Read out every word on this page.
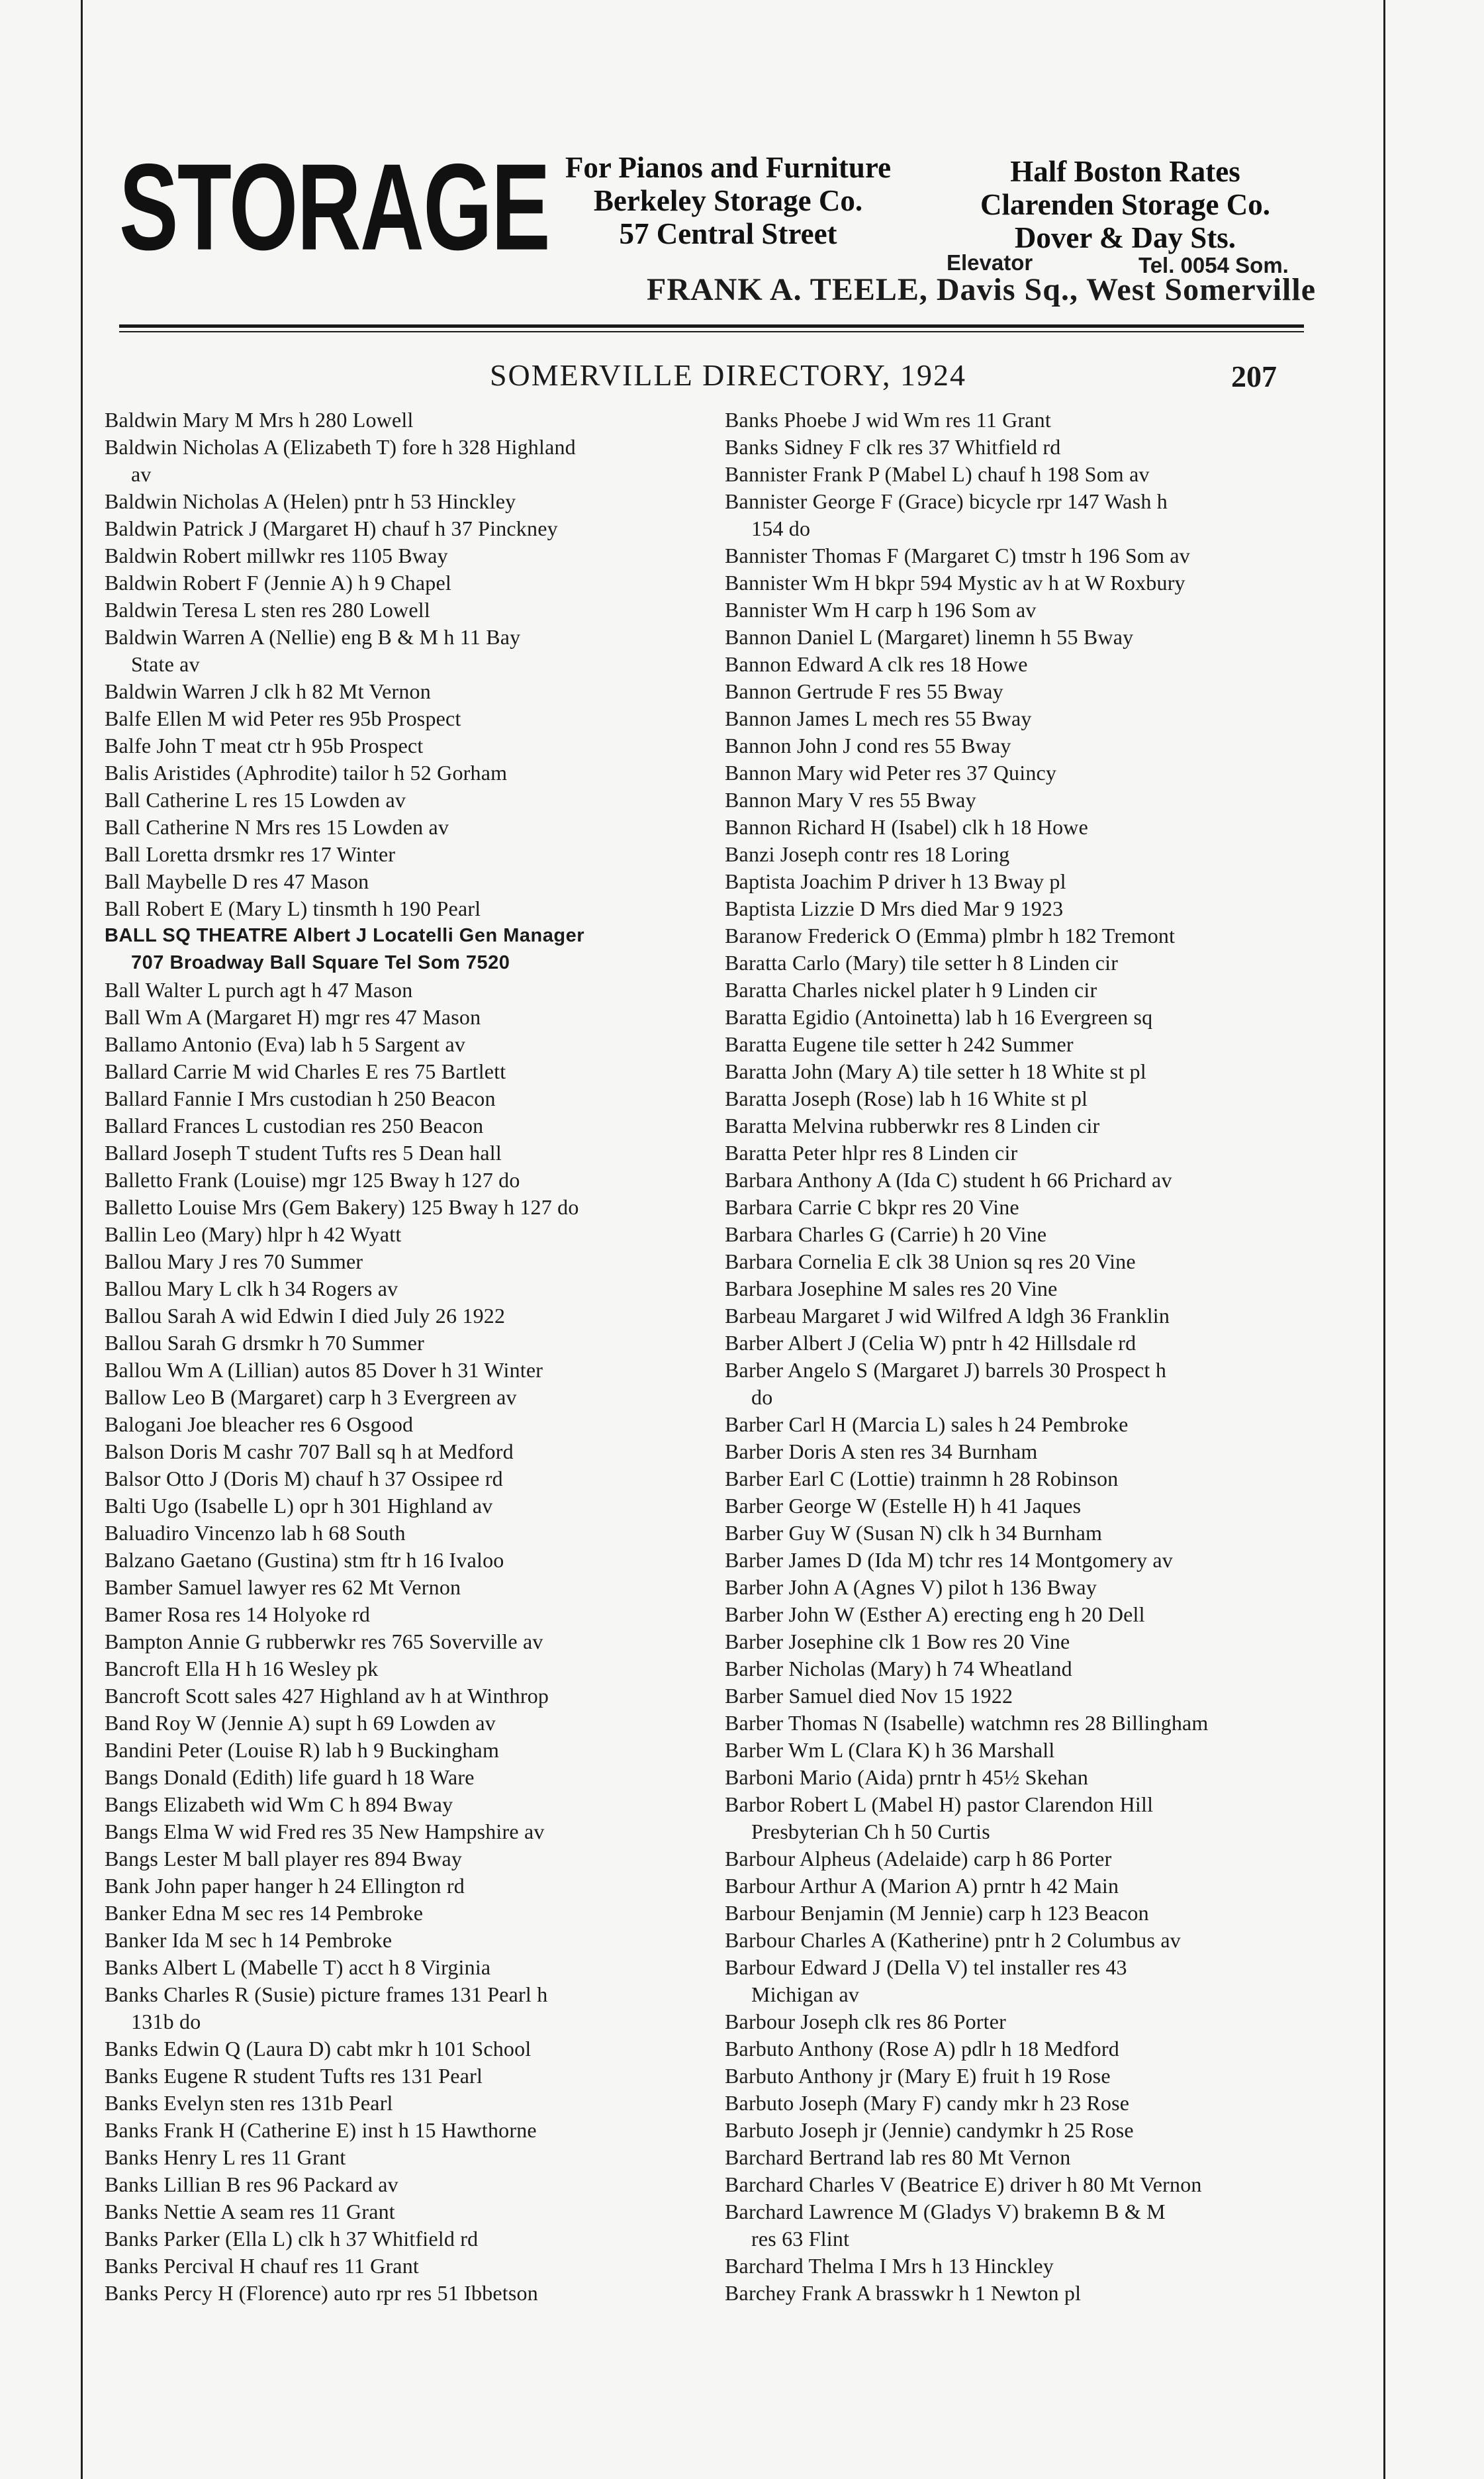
STORAGE For Pianos and Furniture
Berkeley Storage Co.
57 Central Street
Half Boston Rates
Clarenden Storage Co.
Dover & Day Sts.
Elevator	Tel. 0054 Som.
FRANK A. TEELE, Davis Sq., West Somerville
SOMERVILLE DIRECTORY, 1924	207
Baldwin Mary M Mrs h 280 Lowell
Baldwin Nicholas A (Elizabeth T) fore h 328 Highland
av
Baldwin Nicholas A (Helen) pntr h 53 Hinckley
Baldwin Patrick J (Margaret H) chauf h 37 Pinckney
Baldwin Robert millwkr res 1105 Bway
Baldwin Robert F (Jennie A) h 9 Chapel
Baldwin Teresa L sten res 280 Lowell
Baldwin Warren A (Nellie) eng B & M h 11 Bay
State av
Baldwin Warren J clk h 82 Mt Vernon
Balfe Ellen M wid Peter res 95b Prospect
Balfe John T meat ctr h 95b Prospect
Balis Aristides (Aphrodite) tailor h 52 Gorham
Ball Catherine L res 15 Lowden av
Ball Catherine N Mrs res 15 Lowden av
Ball Loretta drsmkr res 17 Winter
Ball Maybelle D res 47 Mason
Ball Robert E (Mary L) tinsmth h 190 Pearl
BALL SQ THEATRE Albert J Locatelli Gen Manager
707 Broadway Ball Square Tel Som 7520
Ball Walter L purch agt h 47 Mason
Ball Wm A (Margaret H) mgr res 47 Mason
Ballamo Antonio (Eva) lab h 5 Sargent av
Ballard Carrie M wid Charles E res 75 Bartlett
Ballard Fannie I Mrs custodian h 250 Beacon
Ballard Frances L custodian res 250 Beacon
Ballard Joseph T student Tufts res 5 Dean hall
Balletto Frank (Louise) mgr 125 Bway h 127 do
Balletto Louise Mrs (Gem Bakery) 125 Bway h 127 do
Ballin Leo (Mary) hlpr h 42 Wyatt
Ballou Mary J res 70 Summer
Ballou Mary L clk h 34 Rogers av
Ballou Sarah A wid Edwin I died July 26 1922
Ballou Sarah G drsmkr h 70 Summer
Ballou Wm A (Lillian) autos 85 Dover h 31 Winter
Ballow Leo B (Margaret) carp h 3 Evergreen av
Balogani Joe bleacher res 6 Osgood
Balson Doris M cashr 707 Ball sq h at Medford
Balsor Otto J (Doris M) chauf h 37 Ossipee rd
Balti Ugo (Isabelle L) opr h 301 Highland av
Baluadiro Vincenzo lab h 68 South
Balzano Gaetano (Gustina) stm ftr h 16 Ivaloo
Bamber Samuel lawyer res 62 Mt Vernon
Bamer Rosa res 14 Holyoke rd
Bampton Annie G rubberwkr res 765 Soverville av
Bancroft Ella H h 16 Wesley pk
Bancroft Scott sales 427 Highland av h at Winthrop
Band Roy W (Jennie A) supt h 69 Lowden av
Bandini Peter (Louise R) lab h 9 Buckingham
Bangs Donald (Edith) life guard h 18 Ware
Bangs Elizabeth wid Wm C h 894 Bway
Bangs Elma W wid Fred res 35 New Hampshire av
Bangs Lester M ball player res 894 Bway
Bank John paper hanger h 24 Ellington rd
Banker Edna M sec res 14 Pembroke
Banker Ida M sec h 14 Pembroke
Banks Albert L (Mabelle T) acct h 8 Virginia
Banks Charles R (Susie) picture frames 131 Pearl h
131b do
Banks Edwin Q (Laura D) cabt mkr h 101 School
Banks Eugene R student Tufts res 131 Pearl
Banks Evelyn sten res 131b Pearl
Banks Frank H (Catherine E) inst h 15 Hawthorne
Banks Henry L res 11 Grant
Banks Lillian B res 96 Packard av
Banks Nettie A seam res 11 Grant
Banks Parker (Ella L) clk h 37 Whitfield rd
Banks Percival H chauf res 11 Grant
Banks Percy H (Florence) auto rpr res 51 Ibbetson
Banks Phoebe J wid Wm res 11 Grant
Banks Sidney F clk res 37 Whitfield rd
Bannister Frank P (Mabel L) chauf h 198 Som av
Bannister George F (Grace) bicycle rpr 147 Wash h
154 do
Bannister Thomas F (Margaret C) tmstr h 196 Som av
Bannister Wm H bkpr 594 Mystic av h at W Roxbury
Bannister Wm H carp h 196 Som av
Bannon Daniel L (Margaret) linemn h 55 Bway
Bannon Edward A clk res 18 Howe
Bannon Gertrude F res 55 Bway
Bannon James L mech res 55 Bway
Bannon John J cond res 55 Bway
Bannon Mary wid Peter res 37 Quincy
Bannon Mary V res 55 Bway
Bannon Richard H (Isabel) clk h 18 Howe
Banzi Joseph contr res 18 Loring
Baptista Joachim P driver h 13 Bway pl
Baptista Lizzie D Mrs died Mar 9 1923
Baranow Frederick O (Emma) plmbr h 182 Tremont
Baratta Carlo (Mary) tile setter h 8 Linden cir
Baratta Charles nickel plater h 9 Linden cir
Baratta Egidio (Antoinetta) lab h 16 Evergreen sq
Baratta Eugene tile setter h 242 Summer
Baratta John (Mary A) tile setter h 18 White st pl
Baratta Joseph (Rose) lab h 16 White st pl
Baratta Melvina rubberwkr res 8 Linden cir
Baratta Peter hlpr res 8 Linden cir
Barbara Anthony A (Ida C) student h 66 Prichard av
Barbara Carrie C bkpr res 20 Vine
Barbara Charles G (Carrie) h 20 Vine
Barbara Cornelia E clk 38 Union sq res 20 Vine
Barbara Josephine M sales res 20 Vine
Barbeau Margaret J wid Wilfred A ldgh 36 Franklin
Barber Albert J (Celia W) pntr h 42 Hillsdale rd
Barber Angelo S (Margaret J) barrels 30 Prospect h
do
Barber Carl H (Marcia L) sales h 24 Pembroke
Barber Doris A sten res 34 Burnham
Barber Earl C (Lottie) trainmn h 28 Robinson
Barber George W (Estelle H) h 41 Jaques
Barber Guy W (Susan N) clk h 34 Burnham
Barber James D (Ida M) tchr res 14 Montgomery av
Barber John A (Agnes V) pilot h 136 Bway
Barber John W (Esther A) erecting eng h 20 Dell
Barber Josephine clk 1 Bow res 20 Vine
Barber Nicholas (Mary) h 74 Wheatland
Barber Samuel died Nov 15 1922
Barber Thomas N (Isabelle) watchmn res 28 Billingham
Barber Wm L (Clara K) h 36 Marshall
Barboni Mario (Aida) prntr h 45½ Skehan
Barbor Robert L (Mabel H) pastor Clarendon Hill
Presbyterian Ch h 50 Curtis
Barbour Alpheus (Adelaide) carp h 86 Porter
Barbour Arthur A (Marion A) prntr h 42 Main
Barbour Benjamin (M Jennie) carp h 123 Beacon
Barbour Charles A (Katherine) pntr h 2 Columbus av
Barbour Edward J (Della V) tel installer res 43
Michigan av
Barbour Joseph clk res 86 Porter
Barbuto Anthony (Rose A) pdlr h 18 Medford
Barbuto Anthony jr (Mary E) fruit h 19 Rose
Barbuto Joseph (Mary F) candy mkr h 23 Rose
Barbuto Joseph jr (Jennie) candymkr h 25 Rose
Barchard Bertrand lab res 80 Mt Vernon
Barchard Charles V (Beatrice E) driver h 80 Mt Vernon
Barchard Lawrence M (Gladys V) brakemn B & M
res 63 Flint
Barchard Thelma I Mrs h 13 Hinckley
Barchey Frank A brasswkr h 1 Newton pl
